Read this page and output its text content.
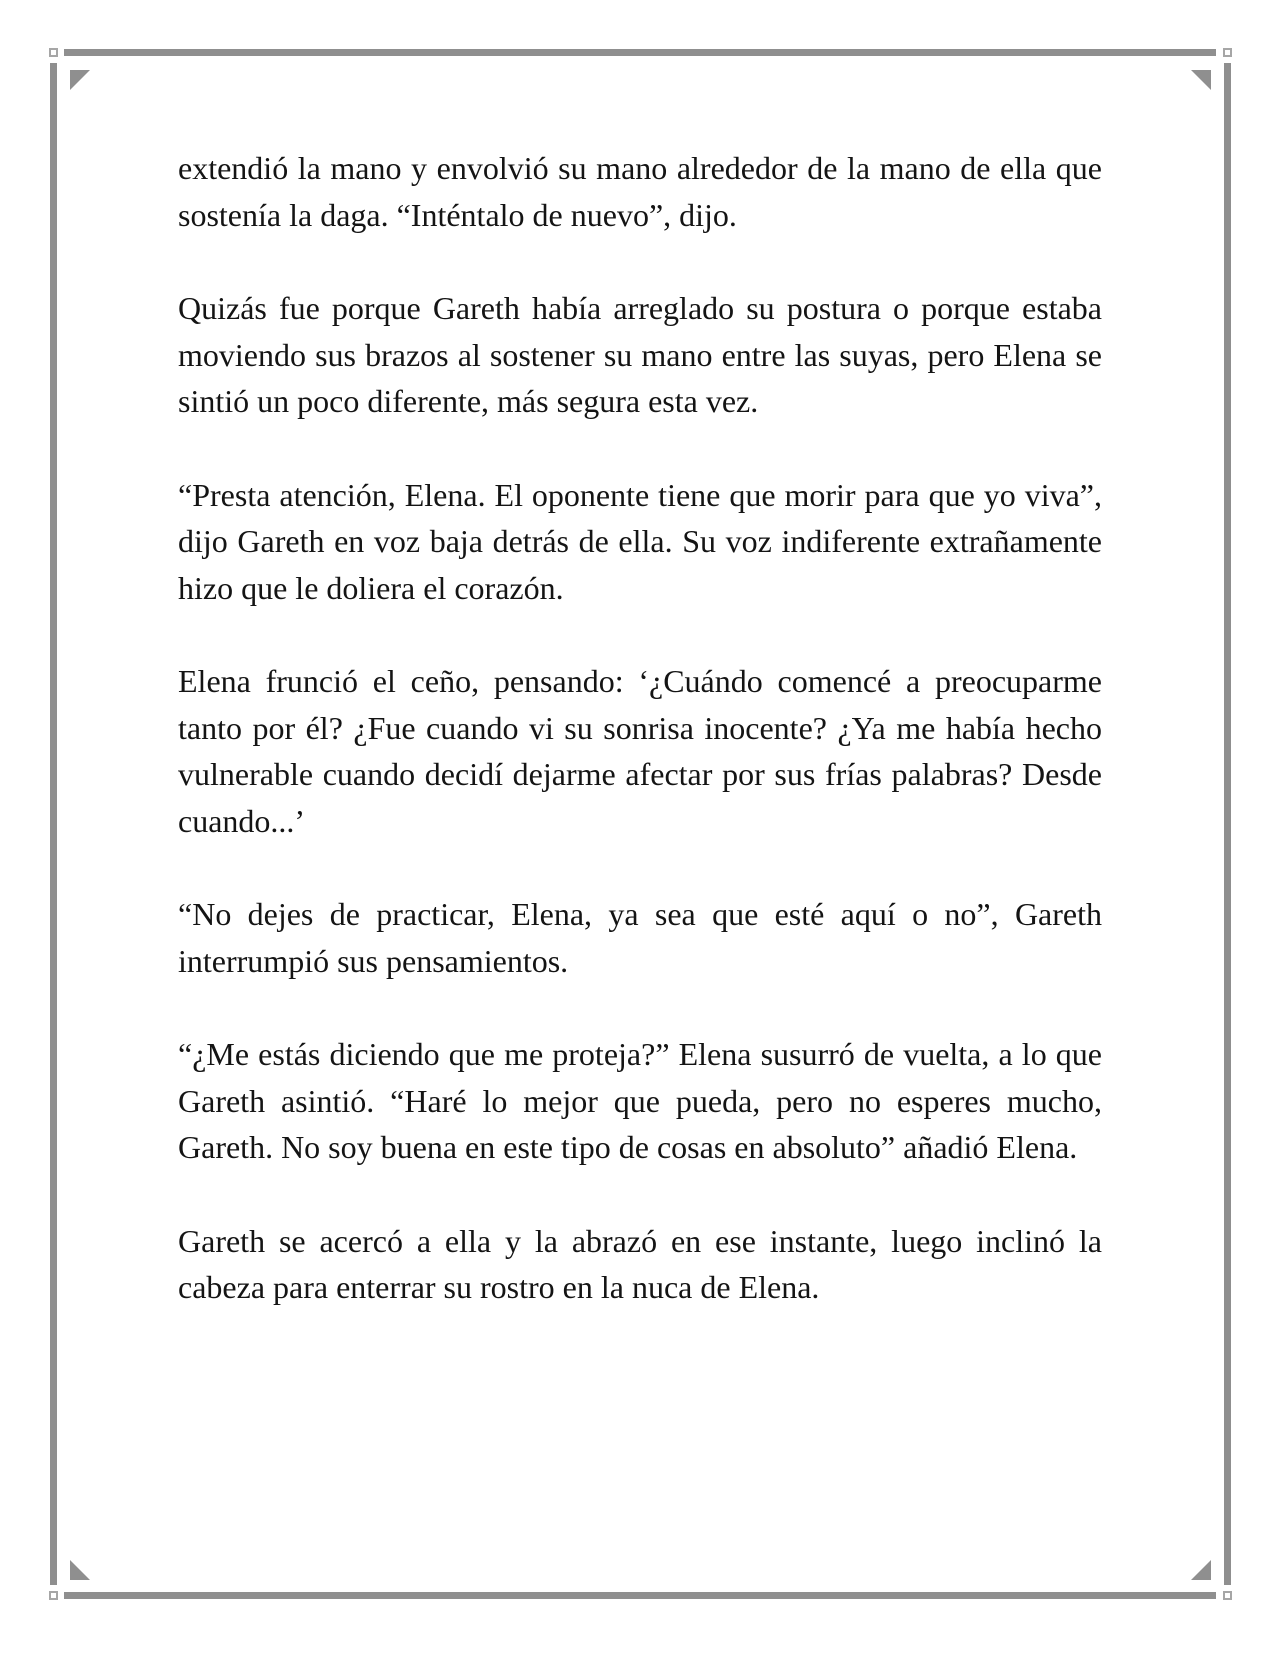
extendió la mano y envolvió su mano alrededor de la mano de ella que sostenía la daga. “Inténtalo de nuevo”, dijo.

Quizás fue porque Gareth había arreglado su postura o porque estaba moviendo sus brazos al sostener su mano entre las suyas, pero Elena se sintió un poco diferente, más segura esta vez.

“Presta atención, Elena. El oponente tiene que morir para que yo viva”, dijo Gareth en voz baja detrás de ella. Su voz indiferente extrañamente hizo que le doliera el corazón.

Elena frunció el ceño, pensando: ‘¿Cuándo comencé a preocuparme tanto por él? ¿Fue cuando vi su sonrisa inocente? ¿Ya me había hecho vulnerable cuando decidí dejarme afectar por sus frías palabras? Desde cuando...’

“No dejes de practicar, Elena, ya sea que esté aquí o no”, Gareth interrumpió sus pensamientos.

“¿Me estás diciendo que me proteja?” Elena susurró de vuelta, a lo que Gareth asintió. “Haré lo mejor que pueda, pero no esperes mucho, Gareth. No soy buena en este tipo de cosas en absoluto” añadió Elena.

Gareth se acercó a ella y la abrazó en ese instante, luego inclinó la cabeza para enterrar su rostro en la nuca de Elena.
